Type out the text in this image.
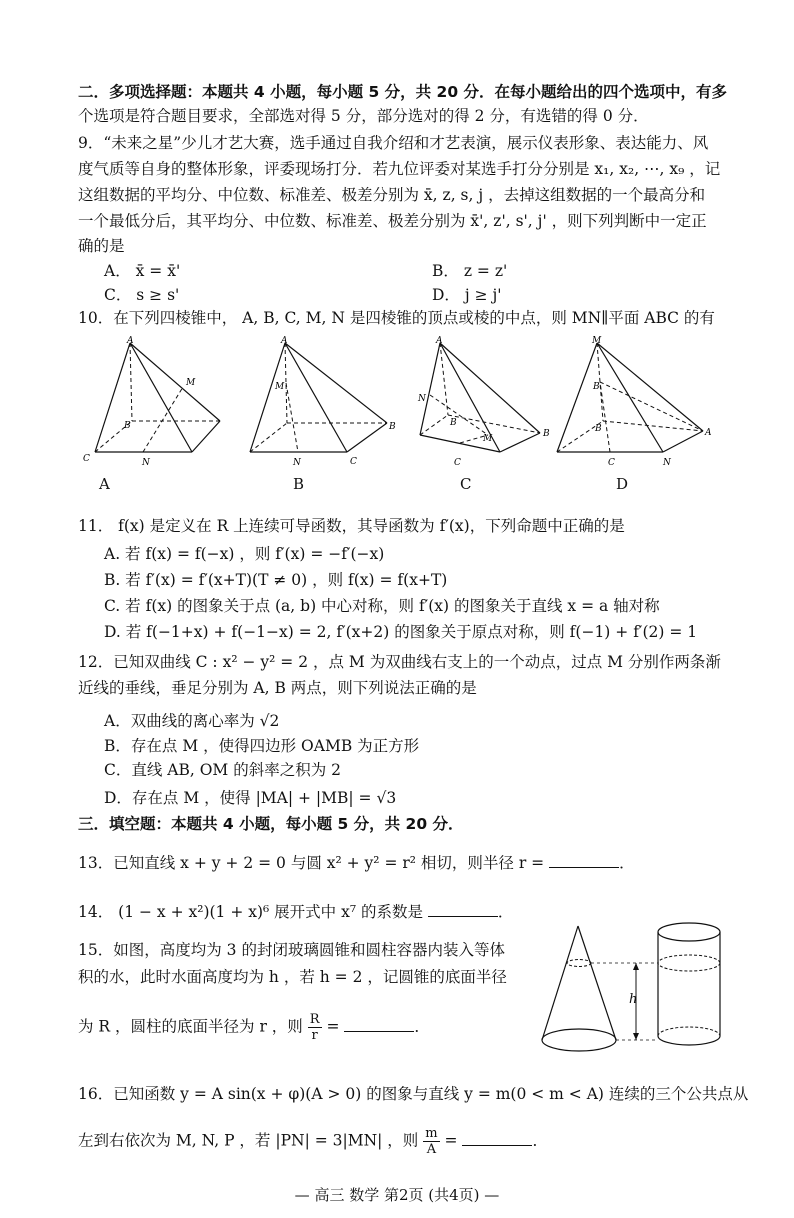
二．多项选择题：本题共 4 小题，每小题 5 分，共 20 分．在每小题给出的四个选项中，有多
个选项是符合题目要求，全部选对得 5 分，部分选对的得 2 分，有选错的得 0 分．
9．“未来之星”少儿才艺大赛，选手通过自我介绍和才艺表演，展示仪表形象、表达能力、风
度气质等自身的整体形象，评委现场打分．若九位评委对某选手打分分别是 x₁, x₂, ⋯, x₉ ，记
这组数据的平均分、中位数、标准差、极差分别为 x̄, z, s, j ，去掉这组数据的一个最高分和
一个最低分后，其平均分、中位数、标准差、极差分别为 x̄', z', s', j' ，则下列判断中一定正
确的是
A． x̄ = x̄'	B． z = z'
C． s ≥ s'	D． j ≥ j'
10．在下列四棱锥中， A, B, C, M, N 是四棱锥的顶点或棱的中点，则 MN∥平面 ABC 的有
A
M
B
C	N
A
A
M
B
N	C
B
A
N
B
M	B
C
C
M
B
B	A
C	N
D
11． f(x) 是定义在 R 上连续可导函数，其导函数为 f′(x)，下列命题中正确的是
A. 若 f(x) = f(−x) ，则 f′(x) = −f′(−x)
B. 若 f′(x) = f′(x+T)(T ≠ 0) ，则 f(x) = f(x+T)
C. 若 f(x) 的图象关于点 (a, b) 中心对称，则 f′(x) 的图象关于直线 x = a 轴对称
D. 若 f(−1+x) + f(−1−x) = 2, f′(x+2) 的图象关于原点对称，则 f(−1) + f′(2) = 1
12．已知双曲线 C : x² − y² = 2 ，点 M 为双曲线右支上的一个动点，过点 M 分别作两条渐
近线的垂线，垂足分别为 A, B 两点，则下列说法正确的是
A．双曲线的离心率为 √2
B．存在点 M ，使得四边形 OAMB 为正方形
C．直线 AB, OM 的斜率之积为 2
D．存在点 M ，使得 |MA| + |MB| = √3
三．填空题：本题共 4 小题，每小题 5 分，共 20 分．
13．已知直线 x + y + 2 = 0 与圆 x² + y² = r² 相切，则半径 r =	．
14． (1 − x + x²)(1 + x)⁶ 展开式中 x⁷ 的系数是	．
15．如图，高度均为 3 的封闭玻璃圆锥和圆柱容器内装入等体
积的水，此时水面高度均为 h ，若 h = 2 ，记圆锥的底面半径
为 R ，圆柱的底面半径为 r ，则 $\frac{R}{r}$ =	．
h
16．已知函数 y = A sin(x + φ)(A > 0) 的图象与直线 y = m(0 < m < A) 连续的三个公共点从
左到右依次为 M, N, P ，若 |PN| = 3|MN| ，则 $\frac{m}{A}$ =	．
— 高三 数学 第2页 (共4页) —
